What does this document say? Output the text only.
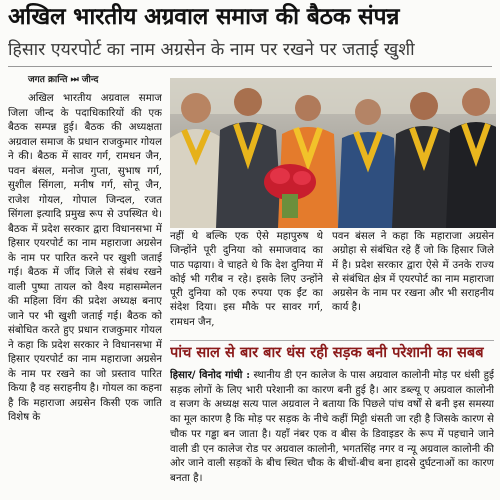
अखिल भारतीय अग्रवाल समाज की बैठक संपन्न
हिसार एयरपोर्ट का नाम अग्रसेन के नाम पर रखने पर जताई खुशी
जगत क्रान्ति ⏭ जीन्द

अखिल भारतीय अग्रवाल समाज जिला जीन्द के पदाधिकारियों की एक बैठक सम्पन्न हुई। बैठक की अध्यक्षता अग्रवाल समाज के प्रधान राजकुमार गोयल ने की। बैठक में सावर गर्ग, रामधन जैन, पवन बंसल, मनोज गुप्ता, सुभाष गर्ग, सुशील सिंगला, मनीष गर्ग, सोनू जैन, राजेश गोयल, गोपाल जिन्दल, रजत सिंगला इत्यादि प्रमुख रूप से उपस्थित थे। बैठक में प्रदेश सरकार द्वारा विधानसभा में हिसार एयरपोर्ट का नाम महाराजा अग्रसेन के नाम पर पारित करने पर खुशी जताई गई। बैठक में जींद जिले से संबंध रखने वाली पुष्पा तायल को वैश्य महासम्मेलन की महिला विंग की प्रदेश अध्यक्ष बनाए जाने पर भी खुशी जताई गई। बैठक को संबोधित करते हुए प्रधान राजकुमार गोयल ने कहा कि प्रदेश सरकार ने विधानसभा में हिसार एयरपोर्ट का नाम महाराजा अग्रसेन के नाम पर रखने का जो प्रस्ताव पारित किया है वह सराहनीय है। गोयल का कहना है कि महाराजा अग्रसेन किसी एक जाति विशेष के

नहीं थे बल्कि एक ऐसे महापुरुष थे जिन्होंने पूरी दुनिया को समाजवाद का पाठ पढ़ाया। वे चाहते थे कि देश दुनिया में कोई भी गरीब न रहे। इसके लिए उन्होंने पूरी दुनिया को एक रुपया एक ईंट का संदेश दिया। इस मौके पर सावर गर्ग, रामधन जैन,

पवन बंसल ने कहा कि महाराजा अग्रसेन अग्रोहा से संबंधित रहे हैं जो कि हिसार जिले में है। प्रदेश सरकार द्वारा ऐसे में उनके राज्य से संबंधित क्षेत्र में एयरपोर्ट का नाम महाराजा अग्रसेन के नाम पर रखना और भी सराहनीय कार्य है।

पांच साल से बार बार धंस रही सड़क बनी परेशानी का सबब

हिसार/ विनोद गांधी : स्थानीय डी एन कालेज के पास अग्रवाल कालोनी मोड़ पर धंसी हुई सड़क लोगों के लिए भारी परेशानी का कारण बनी हुई है। आर डब्ल्यू ए अग्रवाल कालोनी व सजग के अध्यक्ष सत्य पाल अग्रवाल ने बताया कि पिछले पांच वर्षों से बनी इस समस्या का मूल कारण है कि मोड़ पर सड़क के नीचे कहीं मिट्टी धंसती जा रही है जिसके कारण से चौक पर गड्ढा बन जाता है। यहाँ नंबर एक व बीस के डिवाइडर के रूप में पहचाने जाने वाली डी एन कालेज रोड पर अग्रवाल कालोनी, भगतसिंह नगर व न्यू अग्रवाल कालोनी की ओर जाने वाली सड़कों के बीच स्थित चौक के बीचों-बीच बना हादसे दुर्घटनाओं का कारण बनता है।
